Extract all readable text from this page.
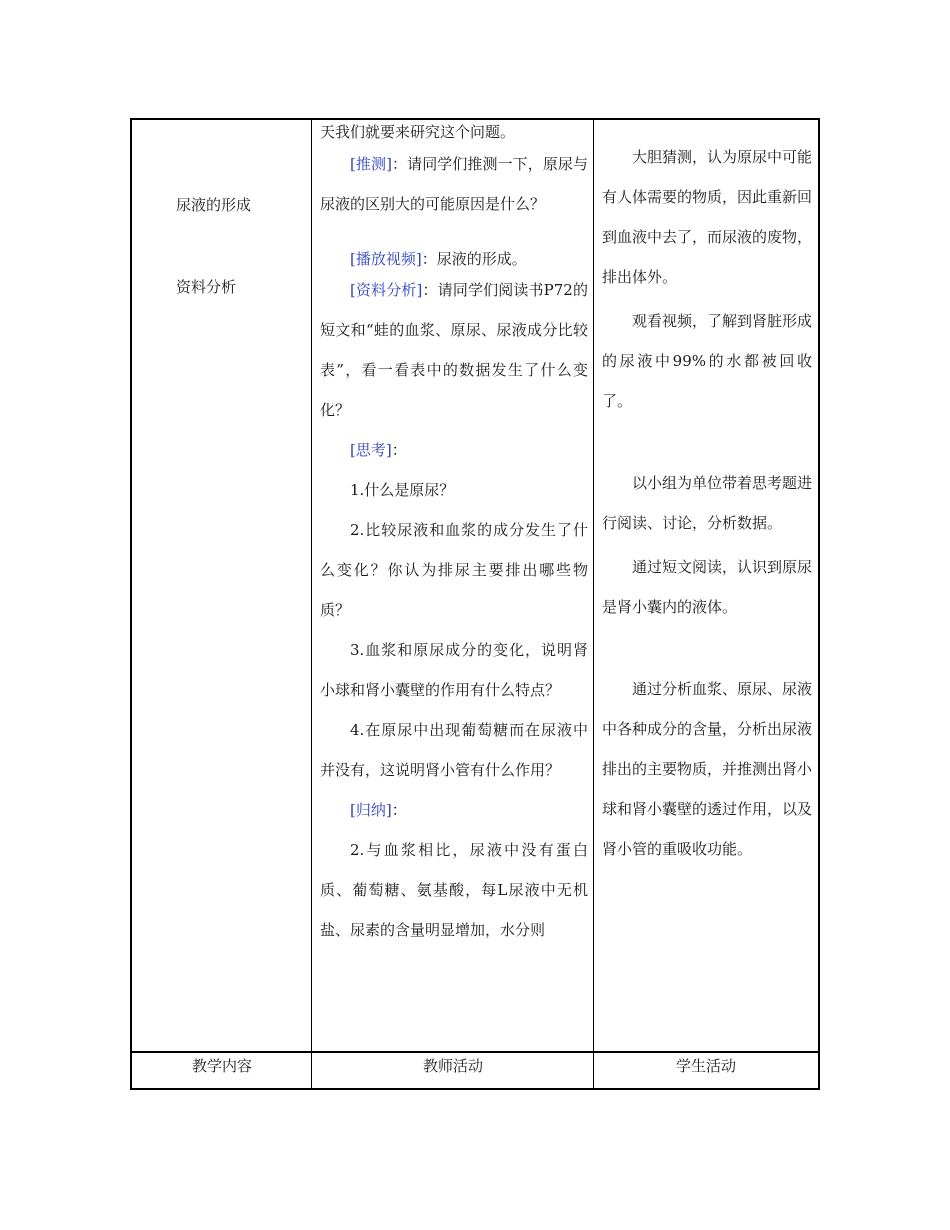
尿液的形成
资料分析

天我们就要来研究这个问题。

[推测]：请同学们推测一下，原尿与尿液的区别大的可能原因是什么？

[播放视频]：尿液的形成。

[资料分析]：请同学们阅读书P72的短文和“蛙的血浆、原尿、尿液成分比较表”，看一看表中的数据发生了什么变化？

[思考]：

1.什么是原尿？

2.比较尿液和血浆的成分发生了什么变化？你认为排尿主要排出哪些物质？

3.血浆和原尿成分的变化，说明肾小球和肾小囊壁的作用有什么特点？

4.在原尿中出现葡萄糖而在尿液中并没有，这说明肾小管有什么作用？

[归纳]：

2.与血浆相比，尿液中没有蛋白质、葡萄糖、氨基酸，每L尿液中无机盐、尿素的含量明显增加，水分则

大胆猜测，认为原尿中可能有人体需要的物质，因此重新回到血液中去了，而尿液的废物，排出体外。

观看视频，了解到肾脏形成的尿液中99%的水都被回收了。

以小组为单位带着思考题进行阅读、讨论，分析数据。

通过短文阅读，认识到原尿是肾小囊内的液体。

通过分析血浆、原尿、尿液中各种成分的含量，分析出尿液排出的主要物质，并推测出肾小球和肾小囊壁的透过作用，以及肾小管的重吸收功能。

教学内容	教师活动	学生活动
